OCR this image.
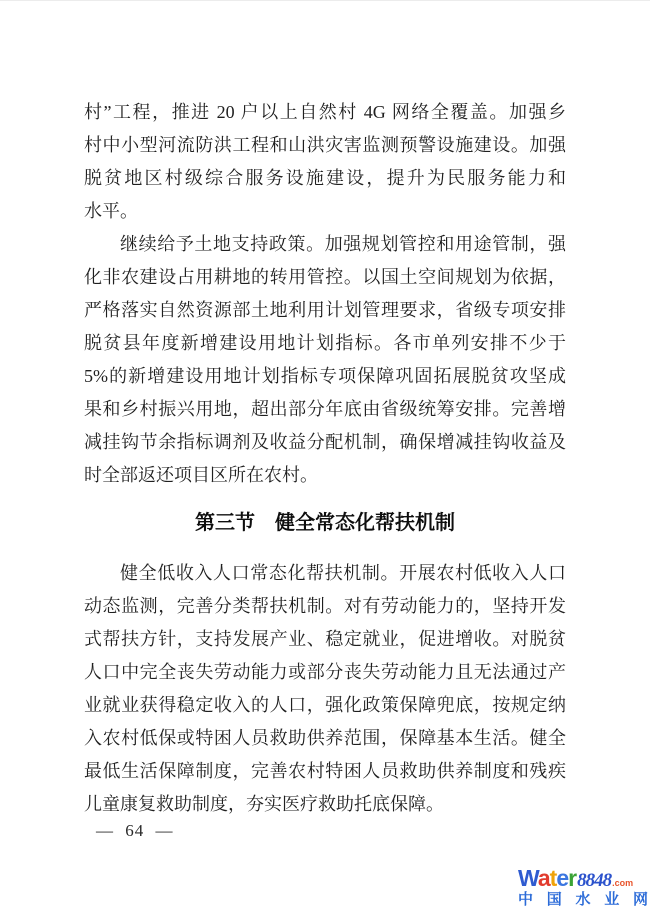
村”工程，推进 20 户以上自然村 4G 网络全覆盖。加强乡
村中小型河流防洪工程和山洪灾害监测预警设施建设。加强
脱贫地区村级综合服务设施建设，提升为民服务能力和
水平。
继续给予土地支持政策。加强规划管控和用途管制，强
化非农建设占用耕地的转用管控。以国土空间规划为依据，
严格落实自然资源部土地利用计划管理要求，省级专项安排
脱贫县年度新增建设用地计划指标。各市单列安排不少于
5%的新增建设用地计划指标专项保障巩固拓展脱贫攻坚成
果和乡村振兴用地，超出部分年底由省级统筹安排。完善增
减挂钩节余指标调剂及收益分配机制，确保增减挂钩收益及
时全部返还项目区所在农村。
第三节 健全常态化帮扶机制
健全低收入人口常态化帮扶机制。开展农村低收入人口
动态监测，完善分类帮扶机制。对有劳动能力的，坚持开发
式帮扶方针，支持发展产业、稳定就业，促进增收。对脱贫
人口中完全丧失劳动能力或部分丧失劳动能力且无法通过产
业就业获得稳定收入的人口，强化政策保障兜底，按规定纳
入农村低保或特困人员救助供养范围，保障基本生活。健全
最低生活保障制度，完善农村特困人员救助供养制度和残疾
儿童康复救助制度，夯实医疗救助托底保障。
— 64 —
Water 8848 .com
中 国 水 业 网
